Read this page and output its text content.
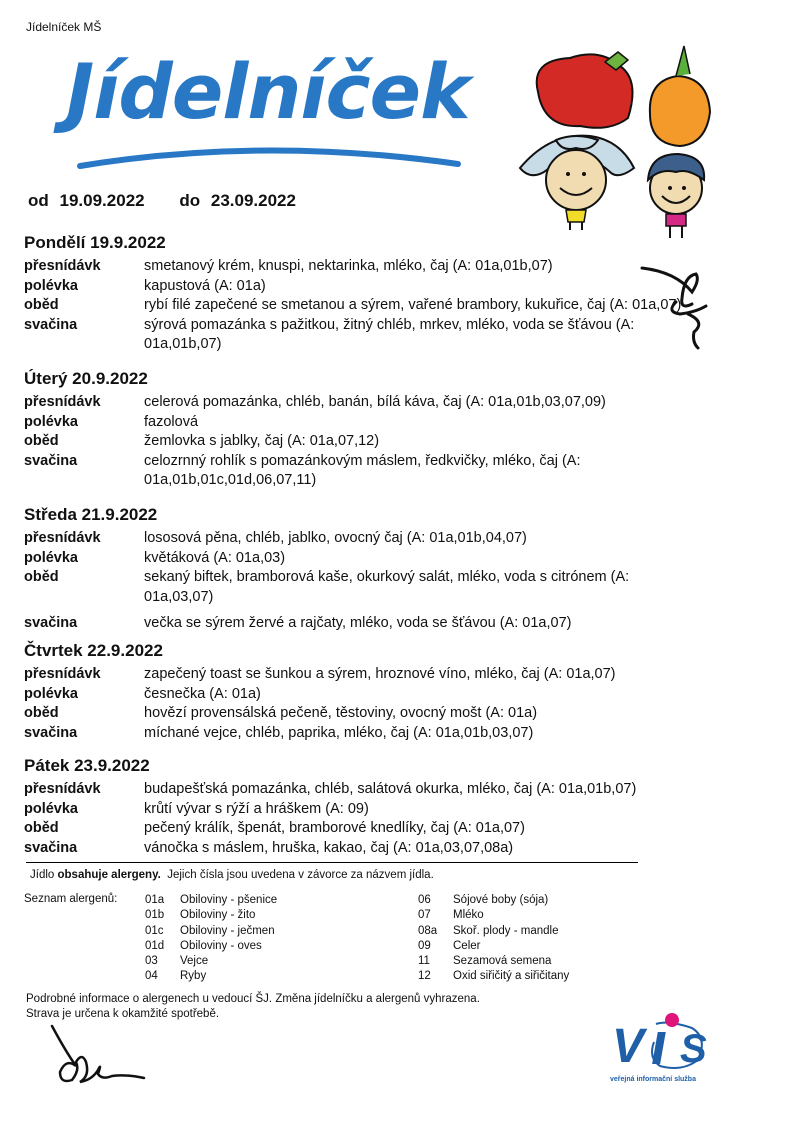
Jídelníček MŠ
Jídelníček
od 19.09.2022 do 23.09.2022
Pondělí 19.9.2022
přesnídávk	smetanový krém, knuspi, nektarinka, mléko, čaj (A: 01a,01b,07)
polévka	kapustová (A: 01a)
oběd	rybí filé zapečené se smetanou a sýrem, vařené brambory, kukuřice, čaj (A: 01a,07)
svačina	sýrová pomazánka s pažitkou, žitný chléb, mrkev, mléko, voda se šťávou (A: 01a,01b,07)
Úterý 20.9.2022
přesnídávk	celerová pomazánka, chléb, banán, bílá káva, čaj (A: 01a,01b,03,07,09)
polévka	fazolová
oběd	žemlovka s jablky, čaj (A: 01a,07,12)
svačina	celozrnný rohlík s pomazánkovým máslem, ředkvičky, mléko, čaj (A: 01a,01b,01c,01d,06,07,11)
Středa 21.9.2022
přesnídávk	lososová pěna, chléb, jablko, ovocný čaj (A: 01a,01b,04,07)
polévka	květáková (A: 01a,03)
oběd	sekaný biftek, bramborová kaše, okurkový salát, mléko, voda s citrónem (A: 01a,03,07)
svačina	večka se sýrem žervé a rajčaty, mléko, voda se šťávou (A: 01a,07)
Čtvrtek 22.9.2022
přesnídávk	zapečený toast se šunkou a sýrem, hroznové víno, mléko, čaj (A: 01a,07)
polévka	česnečka (A: 01a)
oběd	hovězí provensálská pečeně, těstoviny, ovocný mošt (A: 01a)
svačina	míchané vejce, chléb, paprika, mléko, čaj (A: 01a,01b,03,07)
Pátek 23.9.2022
přesnídávk	budapešťská pomazánka, chléb, salátová okurka, mléko, čaj (A: 01a,01b,07)
polévka	krůtí vývar s rýží a hráškem (A: 09)
oběd	pečený králík, špenát, bramborové knedlíky, čaj (A: 01a,07)
svačina	vánočka s máslem, hruška, kakao, čaj (A: 01a,03,07,08a)
Jídlo obsahuje alergeny.  Jejich čísla jsou uvedena v závorce za názvem jídla.
Seznam alergenů: 01a	Obiloviny - pšenice
01b	Obiloviny - žito
01c	Obiloviny - ječmen
01d	Obiloviny - oves
03	Vejce
04	Ryby
06	Sójové boby (sója)
07	Mléko
08a	Skoř. plody - mandle
09	Celer
11	Sezamová semena
12	Oxid siřičitý a siřičitany
Podrobné informace o alergenech u vedoucí ŠJ. Změna jídelníčku a alergenů vyhrazena.
Strava je určena k okamžité spotřebě.
V S
veřejná informační služba
